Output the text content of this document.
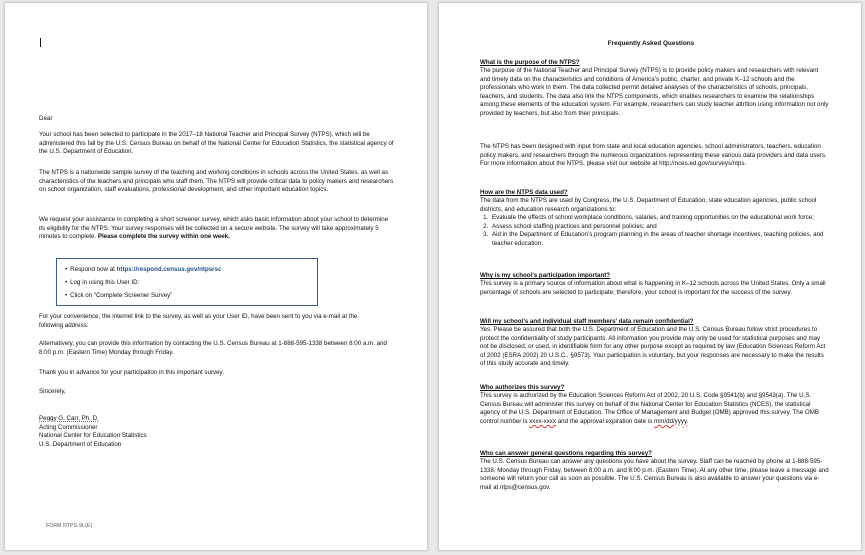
Dear

Your school has been selected to participate in the 2017–18 National Teacher and Principal Survey (NTPS), which will be administered this fall by the U.S. Census Bureau on behalf of the National Center for Education Statistics, the statistical agency of the U.S. Department of Education.

The NTPS is a nationwide sample survey of the teaching and working conditions in schools across the United States, as well as characteristics of the teachers and principals who staff them. The NTPS will provide critical data to policy makers and researchers on school organization, staff evaluations, professional development, and other important education topics.

We request your assistance in completing a short screener survey, which asks basic information about your school to determine its eligibility for the NTPS. Your survey responses will be collected on a secure website. The survey will take approximately 5 minutes to complete. Please complete the survey within one week.

• Respond now at https://respond.census.gov/ntpsrsc
• Log in using this User ID:
• Click on “Complete Screener Survey”

For your convenience, the internet link to the survey, as well as your User ID, have been sent to you via e-mail at the following address:

Alternatively, you can provide this information by contacting the U.S. Census Bureau at 1-888-595-1338 between 8:00 a.m. and 8:00 p.m. (Eastern Time) Monday through Friday.

Thank you in advance for your participation in this important survey.

Sincerely,

Peggy G. Carr, Ph. D.
Acting Commissioner
National Center for Education Statistics
U.S. Department of Education

FORM NTPS-9L(E)

Frequently Asked Questions

What is the purpose of the NTPS?

The purpose of the National Teacher and Principal Survey (NTPS) is to provide policy makers and researchers with relevant and timely data on the characteristics and conditions of America’s public, charter, and private K–12 schools and the professionals who work in them. The data collected permit detailed analyses of the characteristics of schools, principals, teachers, and students. The data also link the NTPS components, which enables researchers to examine the relationships among these elements of the education system. For example, researchers can study teacher attrition using information not only provided by teachers, but also from their principals.

The NTPS has been designed with input from state and local education agencies, school administrators, teachers, education policy makers, and researchers through the numerous organizations representing these various data providers and data users. For more information about the NTPS, please visit our website at http://nces.ed.gov/surveys/ntps.

How are the NTPS data used?

The data from the NTPS are used by Congress, the U.S. Department of Education, state education agencies, public school districts, and education research organizations to:
1. Evaluate the effects of school workplace conditions, salaries, and training opportunities on the educational work force;
2. Assess school staffing practices and personnel policies; and
3. Aid in the Department of Education’s program planning in the areas of teacher shortage incentives, teaching policies, and teacher education.

Why is my school’s participation important?

This survey is a primary source of information about what is happening in K–12 schools across the United States. Only a small percentage of schools are selected to participate; therefore, your school is important for the success of the survey.

Will my school’s and individual staff members’ data remain confidential?

Yes. Please be assured that both the U.S. Department of Education and the U.S. Census Bureau follow strict procedures to protect the confidentiality of study participants. All information you provide may only be used for statistical purposes and may not be disclosed, or used, in identifiable form for any other purpose except as required by law (Education Sciences Reform Act of 2002 (ESRA 2002) 20 U.S.C., §9573). Your participation is voluntary, but your responses are necessary to make the results of this study accurate and timely.

Who authorizes this survey?

This survey is authorized by the Education Sciences Reform Act of 2002, 20 U.S. Code §9541(b) and §9543(a). The U.S. Census Bureau will administer this survey on behalf of the National Center for Education Statistics (NCES), the statistical agency of the U.S. Department of Education. The Office of Management and Budget (OMB) approved this survey. The OMB control number is xxxx-xxxx and the approval expiration date is mm/dd/yyyy.

Who can answer general questions regarding this survey?

The U.S. Census Bureau can answer any questions you have about the survey. Staff can be reached by phone at 1-888-595-1338, Monday through Friday, between 8:00 a.m. and 8:00 p.m. (Eastern Time). At any other time, please leave a message and someone will return your call as soon as possible. The U.S. Census Bureau is also available to answer your questions via e-mail at ntps@census.gov.
